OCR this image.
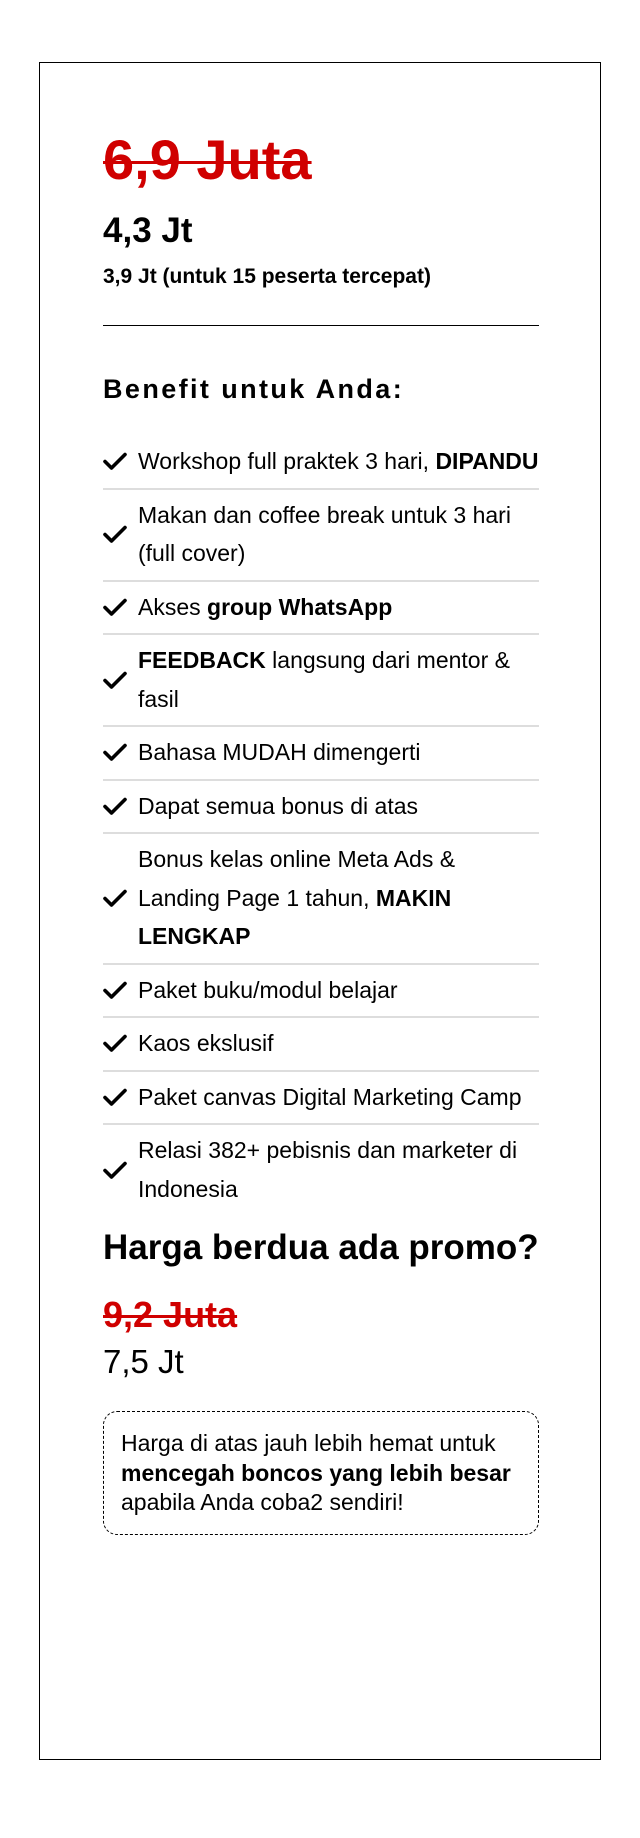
6,9 Juta
4,3 Jt
3,9 Jt (untuk 15 peserta tercepat)
Benefit untuk Anda:
Workshop full praktek 3 hari, DIPANDU
Makan dan coffee break untuk 3 hari (full cover)
Akses group WhatsApp
FEEDBACK langsung dari mentor & fasil
Bahasa MUDAH dimengerti
Dapat semua bonus di atas
Bonus kelas online Meta Ads & Landing Page 1 tahun, MAKIN LENGKAP
Paket buku/modul belajar
Kaos ekslusif
Paket canvas Digital Marketing Camp
Relasi 382+ pebisnis dan marketer di Indonesia
Harga berdua ada promo?
9,2 Juta
7,5 Jt
Harga di atas jauh lebih hemat untuk mencegah boncos yang lebih besar apabila Anda coba2 sendiri!
